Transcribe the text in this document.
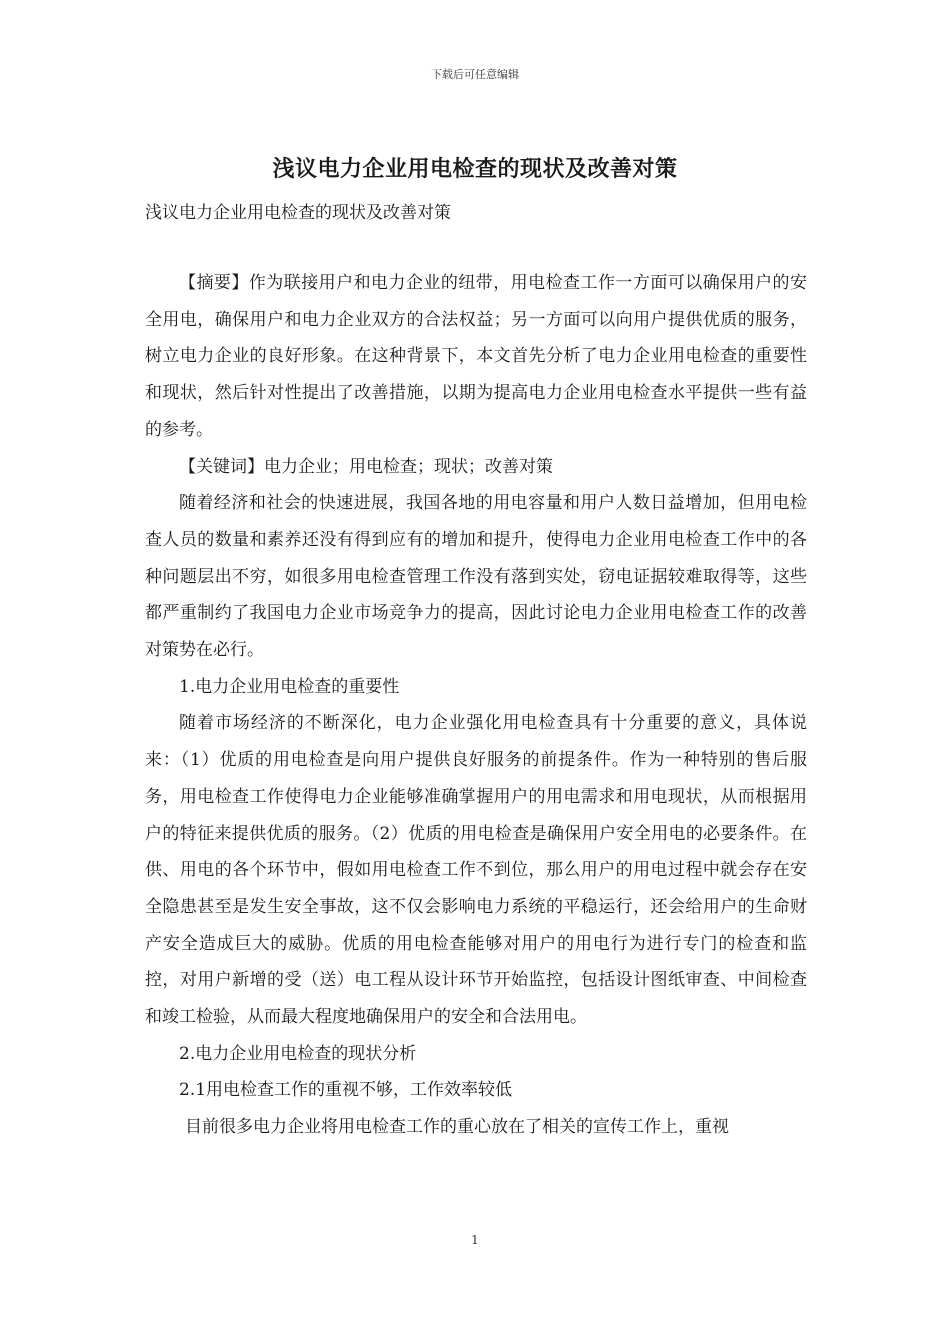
下载后可任意编辑
浅议电力企业用电检查的现状及改善对策
浅议电力企业用电检查的现状及改善对策

【摘要】作为联接用户和电力企业的纽带，用电检查工作一方面可以确保用户的安全用电，确保用户和电力企业双方的合法权益；另一方面可以向用户提供优质的服务，树立电力企业的良好形象。在这种背景下，本文首先分析了电力企业用电检查的重要性和现状，然后针对性提出了改善措施，以期为提高电力企业用电检查水平提供一些有益的参考。

【关键词】电力企业；用电检查；现状；改善对策

随着经济和社会的快速进展，我国各地的用电容量和用户人数日益增加，但用电检查人员的数量和素养还没有得到应有的增加和提升，使得电力企业用电检查工作中的各种问题层出不穷，如很多用电检查管理工作没有落到实处，窃电证据较难取得等，这些都严重制约了我国电力企业市场竞争力的提高，因此讨论电力企业用电检查工作的改善对策势在必行。

1.电力企业用电检查的重要性

随着市场经济的不断深化，电力企业强化用电检查具有十分重要的意义，具体说来：（1）优质的用电检查是向用户提供良好服务的前提条件。作为一种特别的售后服务，用电检查工作使得电力企业能够准确掌握用户的用电需求和用电现状，从而根据用户的特征来提供优质的服务。（2）优质的用电检查是确保用户安全用电的必要条件。在供、用电的各个环节中，假如用电检查工作不到位，那么用户的用电过程中就会存在安全隐患甚至是发生安全事故，这不仅会影响电力系统的平稳运行，还会给用户的生命财产安全造成巨大的威胁。优质的用电检查能够对用户的用电行为进行专门的检查和监控，对用户新增的受（送）电工程从设计环节开始监控，包括设计图纸审查、中间检查和竣工检验，从而最大程度地确保用户的安全和合法用电。

2.电力企业用电检查的现状分析

2.1用电检查工作的重视不够，工作效率较低

目前很多电力企业将用电检查工作的重心放在了相关的宣传工作上，重视

1
